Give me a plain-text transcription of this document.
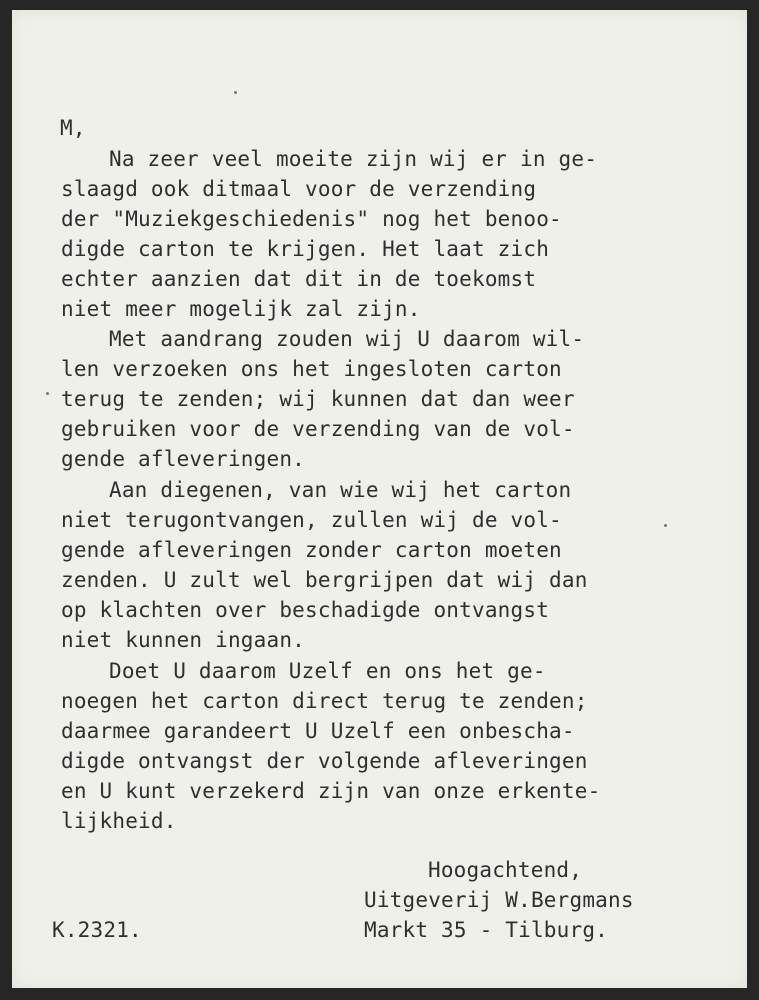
M,
Na zeer veel moeite zijn wij er in ge-
slaagd ook ditmaal voor de verzending
der "Muziekgeschiedenis" nog het benoo-
digde carton te krijgen. Het laat zich
echter aanzien dat dit in de toekomst
niet meer mogelijk zal zijn.
Met aandrang zouden wij U daarom wil-
len verzoeken ons het ingesloten carton
terug te zenden; wij kunnen dat dan weer
gebruiken voor de verzending van de vol-
gende afleveringen.
Aan diegenen, van wie wij het carton
niet terugontvangen, zullen wij de vol-
gende afleveringen zonder carton moeten
zenden. U zult wel bergrijpen dat wij dan
op klachten over beschadigde ontvangst
niet kunnen ingaan.
Doet U daarom Uzelf en ons het ge-
noegen het carton direct terug te zenden;
daarmee garandeert U Uzelf een onbescha-
digde ontvangst der volgende afleveringen
en U kunt verzekerd zijn van onze erkente-
lijkheid.
Hoogachtend,
Uitgeverij W.Bergmans
Markt 35 - Tilburg.
K.2321.
